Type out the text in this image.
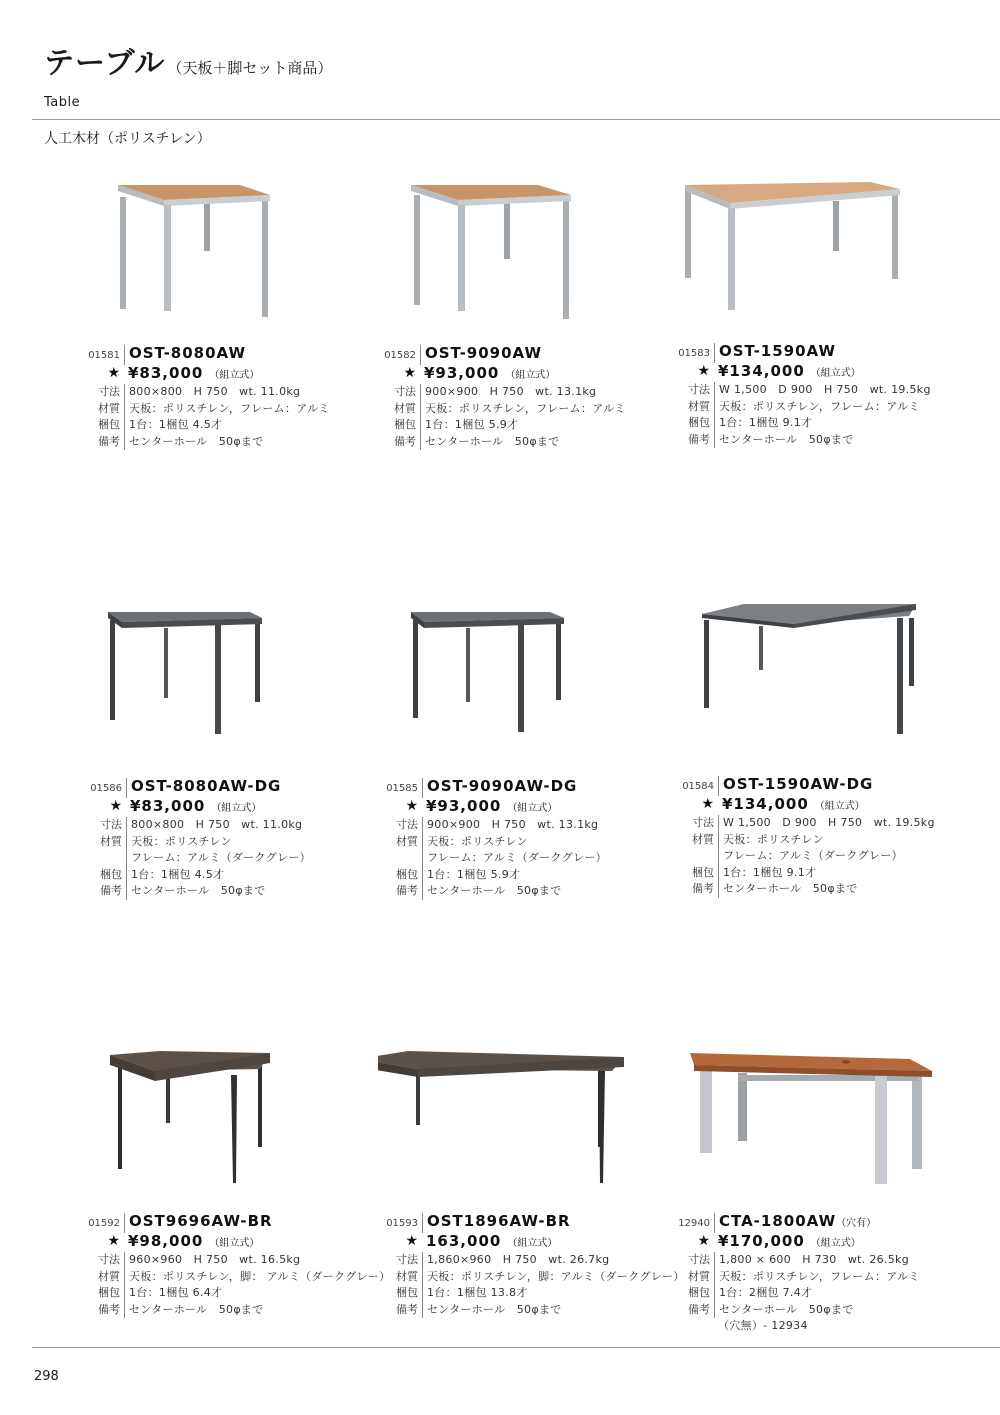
テーブル （天板＋脚セット商品）
Table
人工木材（ポリスチレン）
01581 OST-8080AW
★ ¥83,000 （組立式）
寸法 800×800　H 750　wt. 11.0kg
材質 天板：ポリスチレン，フレーム：アルミ
梱包 1台：1梱包 4.5才
備考 センターホール　50φまで
01582 OST-9090AW
★ ¥93,000 （組立式）
寸法 900×900　H 750　wt. 13.1kg
材質 天板：ポリスチレン，フレーム：アルミ
梱包 1台：1梱包 5.9才
備考 センターホール　50φまで
01583 OST-1590AW
★ ¥134,000 （組立式）
寸法 W 1,500　D 900　H 750　wt. 19.5kg
材質 天板：ポリスチレン，フレーム：アルミ
梱包 1台：1梱包 9.1才
備考 センターホール　50φまで
01586 OST-8080AW-DG
★ ¥83,000 （組立式）
寸法 800×800　H 750　wt. 11.0kg
材質 天板：ポリスチレン
フレーム：アルミ（ダークグレー）
梱包 1台：1梱包 4.5才
備考 センターホール　50φまで
01585 OST-9090AW-DG
★ ¥93,000 （組立式）
寸法 900×900　H 750　wt. 13.1kg
材質 天板：ポリスチレン
フレーム：アルミ（ダークグレー）
梱包 1台：1梱包 5.9才
備考 センターホール　50φまで
01584 OST-1590AW-DG
★ ¥134,000 （組立式）
寸法 W 1,500　D 900　H 750　wt. 19.5kg
材質 天板：ポリスチレン
フレーム：アルミ（ダークグレー）
梱包 1台：1梱包 9.1才
備考 センターホール　50φまで
01592 OST9696AW-BR
★ ¥98,000 （組立式）
寸法 960×960　H 750　wt. 16.5kg
材質 天板：ポリスチレン，脚： アルミ（ダークグレー）
梱包 1台：1梱包 6.4才
備考 センターホール　50φまで
01593 OST1896AW-BR
★ 163,000 （組立式）
寸法 1,860×960　H 750　wt. 26.7kg
材質 天板：ポリスチレン，脚：アルミ（ダークグレー）
梱包 1台：1梱包 13.8才
備考 センターホール　50φまで
12940 CTA-1800AW（穴有）
★ ¥170,000 （組立式）
寸法 1,800 × 600　H 730　wt. 26.5kg
材質 天板：ポリスチレン，フレーム：アルミ
梱包 1台：2梱包 7.4才
備考 センターホール　50φまで
（穴無）- 12934
298
